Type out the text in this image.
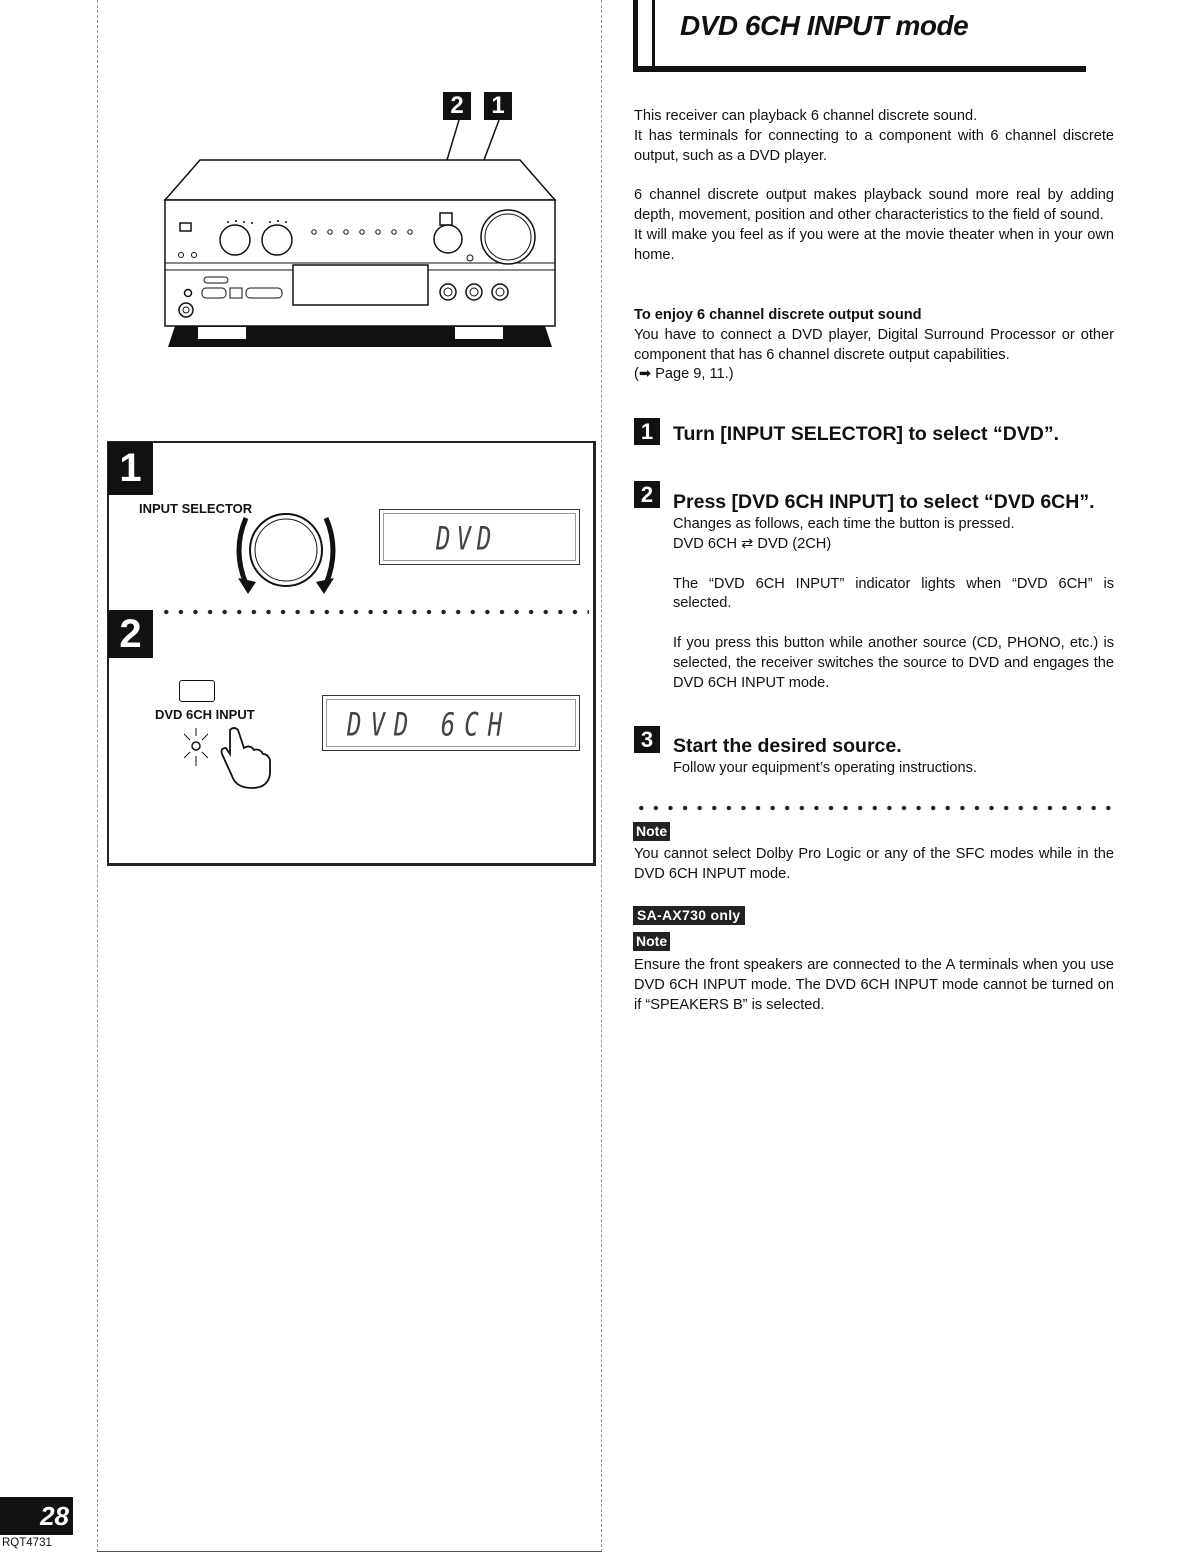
2	1
1
INPUT SELECTOR
DVD
2
DVD 6CH INPUT	DVD 6CH
DVD 6CH INPUT mode

This receiver can playback 6 channel discrete sound.

It has terminals for connecting to a component with 6 channel discrete output, such as a DVD player.

6 channel discrete output makes playback sound more real by adding depth, movement, position and other characteristics to the field of sound.

It will make you feel as if you were at the movie theater when in your own home.

To enjoy 6 channel discrete output sound

You have to connect a DVD player, Digital Surround Processor or other component that has 6 channel discrete output capabilities.

(➡ Page 9, 11.)

1	Turn [INPUT SELECTOR] to select “DVD”.
2	Press [DVD 6CH INPUT] to select “DVD 6CH”.

Changes as follows, each time the button is pressed.

DVD 6CH ⇄ DVD (2CH)

The “DVD 6CH INPUT” indicator lights when “DVD 6CH” is selected.

If you press this button while another source (CD, PHONO, etc.) is selected, the receiver switches the source to DVD and engages the DVD 6CH INPUT mode.

3	Start the desired source.

Follow your equipment’s operating instructions.

Note

You cannot select Dolby Pro Logic or any of the SFC modes while in the DVD 6CH INPUT mode.

SA-AX730 only
Note

Ensure the front speakers are connected to the A terminals when you use DVD 6CH INPUT mode. The DVD 6CH INPUT mode cannot be turned on if “SPEAKERS B” is selected.

28
RQT4731
